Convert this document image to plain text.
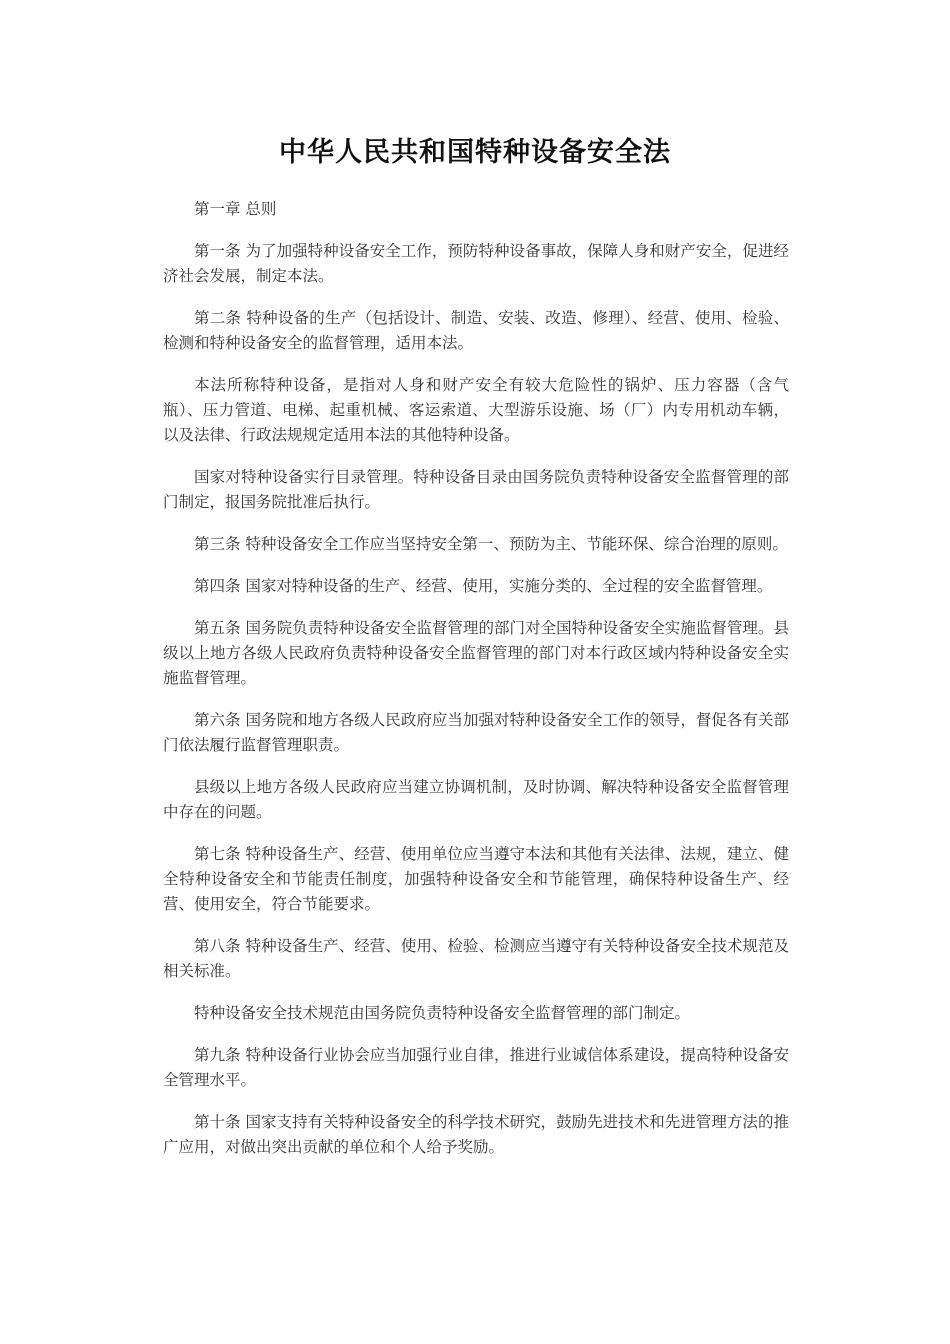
中华人民共和国特种设备安全法

第一章 总则

第一条 为了加强特种设备安全工作，预防特种设备事故，保障人身和财产安全，促进经济社会发展，制定本法。

第二条 特种设备的生产（包括设计、制造、安装、改造、修理）、经营、使用、检验、检测和特种设备安全的监督管理，适用本法。

本法所称特种设备，是指对人身和财产安全有较大危险性的锅炉、压力容器（含气瓶）、压力管道、电梯、起重机械、客运索道、大型游乐设施、场（厂）内专用机动车辆，以及法律、行政法规规定适用本法的其他特种设备。

国家对特种设备实行目录管理。特种设备目录由国务院负责特种设备安全监督管理的部门制定，报国务院批准后执行。

第三条 特种设备安全工作应当坚持安全第一、预防为主、节能环保、综合治理的原则。

第四条 国家对特种设备的生产、经营、使用，实施分类的、全过程的安全监督管理。

第五条 国务院负责特种设备安全监督管理的部门对全国特种设备安全实施监督管理。县级以上地方各级人民政府负责特种设备安全监督管理的部门对本行政区域内特种设备安全实施监督管理。

第六条 国务院和地方各级人民政府应当加强对特种设备安全工作的领导，督促各有关部门依法履行监督管理职责。

县级以上地方各级人民政府应当建立协调机制，及时协调、解决特种设备安全监督管理中存在的问题。

第七条 特种设备生产、经营、使用单位应当遵守本法和其他有关法律、法规，建立、健全特种设备安全和节能责任制度，加强特种设备安全和节能管理，确保特种设备生产、经营、使用安全，符合节能要求。

第八条 特种设备生产、经营、使用、检验、检测应当遵守有关特种设备安全技术规范及相关标准。

特种设备安全技术规范由国务院负责特种设备安全监督管理的部门制定。

第九条 特种设备行业协会应当加强行业自律，推进行业诚信体系建设，提高特种设备安全管理水平。

第十条 国家支持有关特种设备安全的科学技术研究，鼓励先进技术和先进管理方法的推广应用，对做出突出贡献的单位和个人给予奖励。
